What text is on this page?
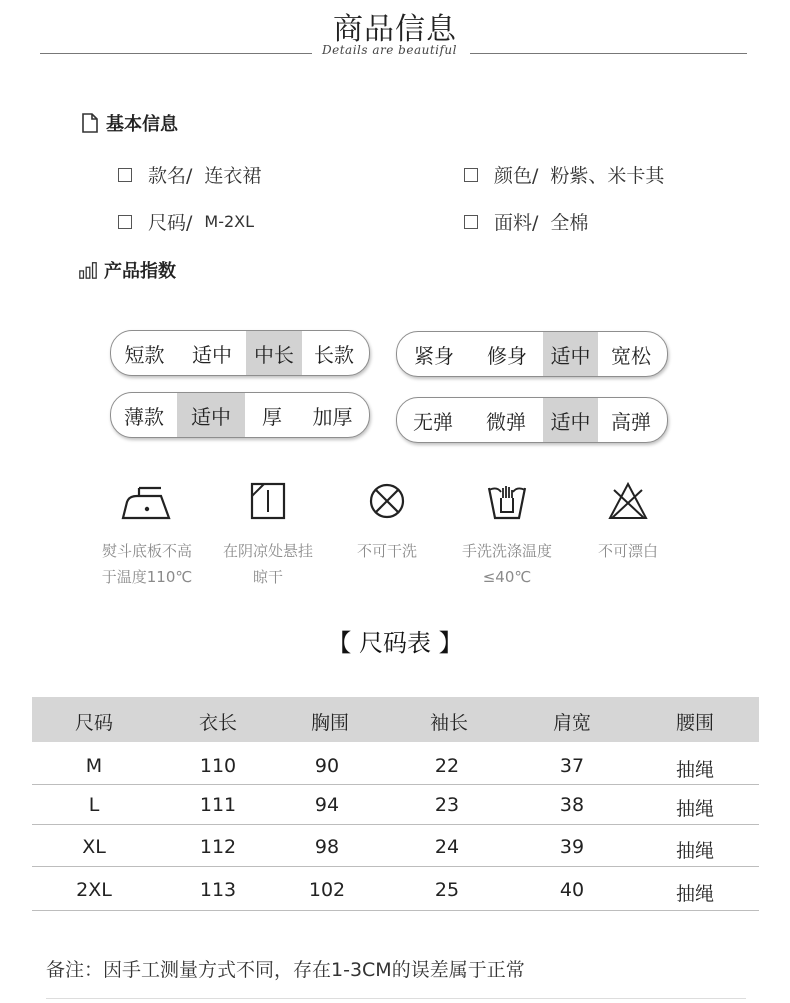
商品信息
Details are beautiful
基本信息
款名/ 连衣裙	颜色/ 粉紫、米卡其
尺码/ M-2XL	面料/ 全棉
产品指数
短款	适中	中长	长款	紧身	修身	适中	宽松
薄款	适中	厚	加厚	无弹	微弹	适中	高弹
熨斗底板不高
于温度110℃
在阴凉处悬挂
晾干
不可干洗	手洗洗涤温度
≤40℃
不可漂白
【 尺码表 】
尺码	衣长	胸围	袖长	肩宽	腰围
M	110	90	22	37	抽绳
L	111	94	23	38	抽绳
XL	112	98	24	39	抽绳
2XL	113	102	25	40	抽绳
备注：因手工测量方式不同，存在1-3CM的误差属于正常
